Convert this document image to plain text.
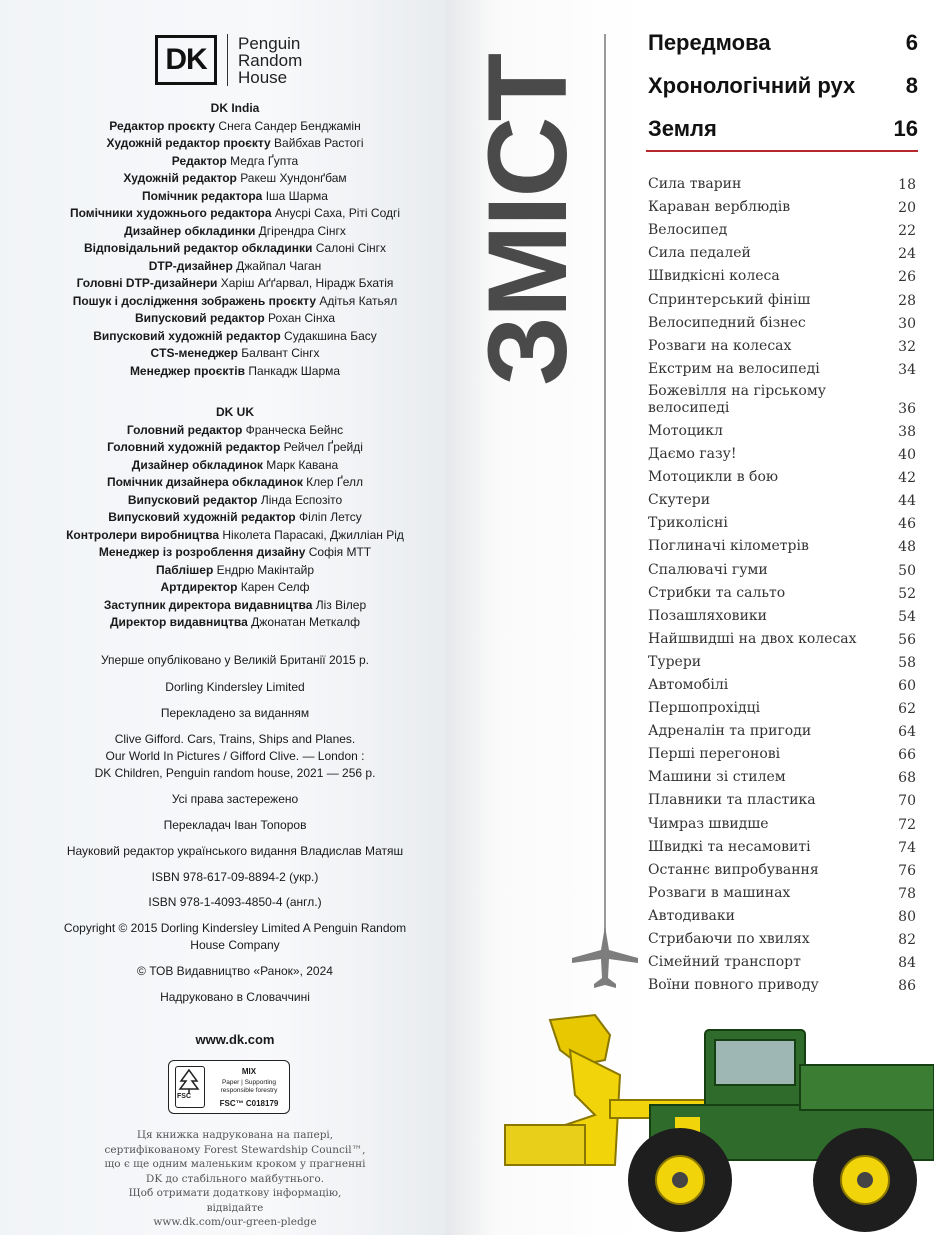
DK	Penguin
Random
House
DK India
Редактор проєкту Снега Сандер Бенджамін
Художній редактор проєкту Вайбхав Растогі
Редактор Медга Ґупта
Художній редактор Ракеш Хундонґбам
Помічник редактора Іша Шарма
Помічники художнього редактора Анусрі Саха, Ріті Содгі
Дизайнер обкладинки Дгірендра Сінгх
Відповідальний редактор обкладинки Салоні Сінгх
DTP-дизайнер Джайпал Чаган
Головні DTP-дизайнери Харіш Аґґарвал, Нірадж Бхатія
Пошук і дослідження зображень проєкту Адітья Катьял
Випусковий редактор Рохан Сінха
Випусковий художній редактор Судакшина Басу
CTS-менеджер Балвант Сінгх
Менеджер проєктів Панкадж Шарма
DK UK
Головний редактор Франческа Бейнс
Головний художній редактор Рейчел Ґрейді
Дизайнер обкладинок Марк Кавана
Помічник дизайнера обкладинок Клер Ґелл
Випусковий редактор Лінда Еспозіто
Випусковий художній редактор Філіп Летсу
Контролери виробництва Ніколета Парасакі, Джилліан Рід
Менеджер із розроблення дизайну Софія МТТ
Паблішер Ендрю Макінтайр
Артдиректор Карен Селф
Заступник директора видавництва Ліз Вілер
Директор видавництва Джонатан Меткалф

Уперше опубліковано у Великій Британії 2015 р.

Dorling Kindersley Limited

Перекладено за виданням

Clive Gifford. Cars, Trains, Ships and Planes.
Our World In Pictures / Gifford Clive. — London :
DK Children, Penguin random house, 2021 — 256 р.

Усі права застережено

Перекладач Іван Топоров

Науковий редактор українського видання Владислав Матяш

ISBN 978-617-09-8894-2 (укр.)

ISBN 978-1-4093-4850-4 (англ.)

Copyright © 2015 Dorling Kindersley Limited A Penguin Random
House Company

© ТОВ Видавництво «Ранок», 2024

Надруковано в Словаччині

www.dk.com
FSC
MIX
Paper | Supporting
responsible forestry
FSC™ C018179

Ця книжка надрукована на папері,

сертифікованому Forest Stewardship Council™,

що є ще одним маленьким кроком у прагненні

DK до стабільного майбутнього.

Щоб отримати додаткову інформацію, відвідайте

www.dk.com/our-green-pledge

ЗМІСТ
Передмова	6
Хронологічний рух 8
Земля	16
Сила тварин	18
Караван верблюдів	20
Велосипед	22
Сила педалей	24
Швидкісні колеса	26
Спринтерський фініш	28
Велосипедний бізнес	30
Розваги на колесах	32
Екстрим на велосипеді	34
Божевілля на гірському
велосипеді	36
Мотоцикл	38
Даємо газу!	40
Мотоцикли в бою	42
Скутери	44
Триколісні	46
Поглиначі кілометрів	48
Спалювачі гуми	50
Стрибки та сальто	52
Позашляховики	54
Найшвидші на двох колесах	56
Турери	58
Автомобілі	60
Першопрохідці	62
Адреналін та пригоди	64
Перші перегонові	66
Машини зі стилем	68
Плавники та пластика	70
Чимраз швидше	72
Швидкі та несамовиті	74
Останнє випробування	76
Розваги в машинах	78
Автодиваки	80
Стрибаючи по хвилях	82
Сімейний транспорт	84
Воїни повного приводу	86
